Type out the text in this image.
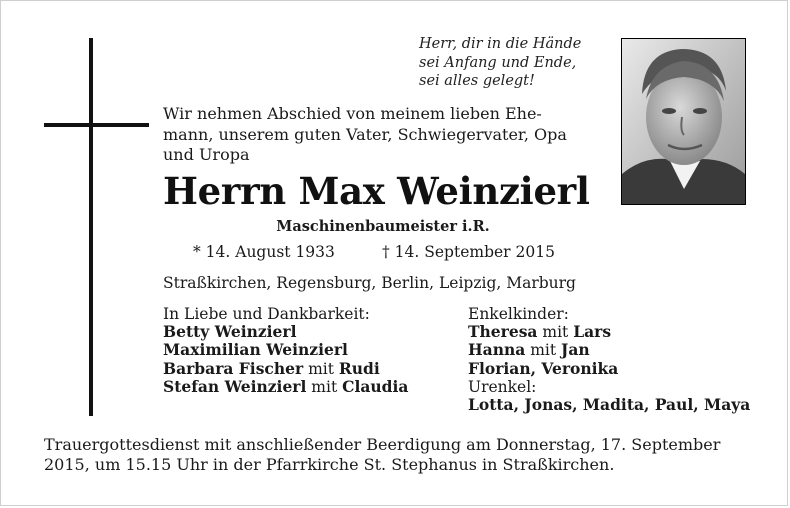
Herr, dir in die Hände
sei Anfang und Ende,
sei alles gelegt!
Wir nehmen Abschied von meinem lieben Ehe-
mann, unserem guten Vater, Schwiegervater, Opa
und Uropa
Herrn Max Weinzierl
Maschinenbaumeister i.R.
* 14. August 1933	† 14. September 2015
Straßkirchen, Regensburg, Berlin, Leipzig, Marburg
In Liebe und Dankbarkeit:
Betty Weinzierl
Maximilian Weinzierl
Barbara Fischer mit Rudi
Stefan Weinzierl mit Claudia
Enkelkinder:
Theresa mit Lars
Hanna mit Jan
Florian, Veronika
Urenkel:
Lotta, Jonas, Madita, Paul, Maya
Trauergottesdienst mit anschließender Beerdigung am Donnerstag, 17. September
2015, um 15.15 Uhr in der Pfarrkirche St. Stephanus in Straßkirchen.
